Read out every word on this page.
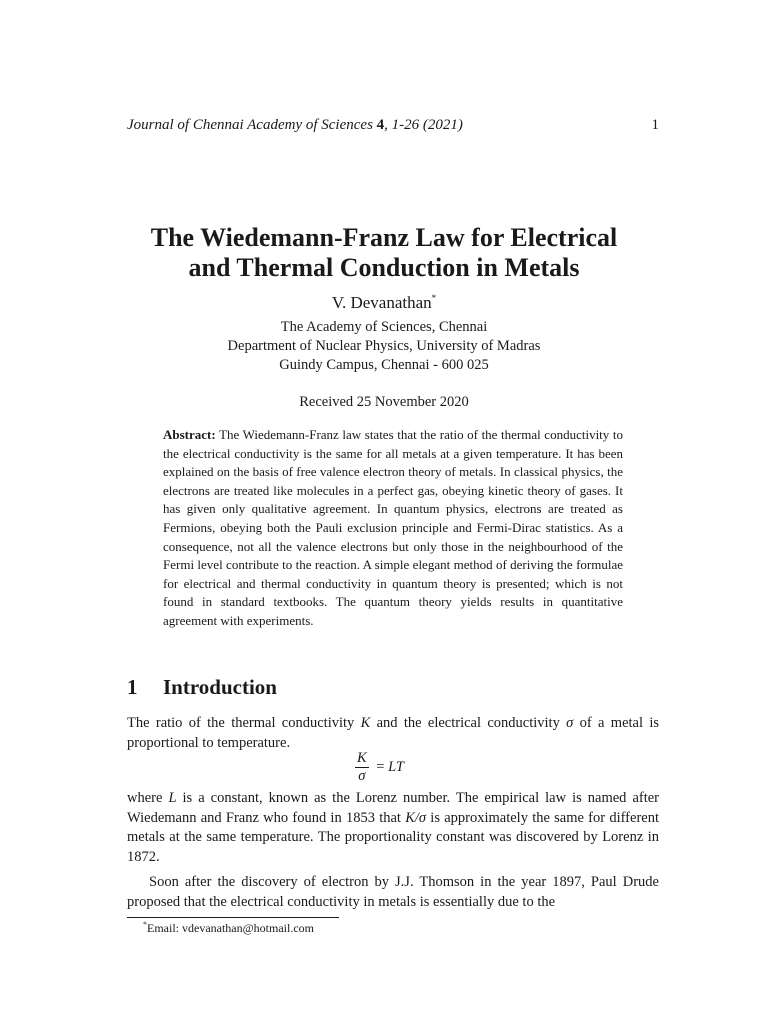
Journal of Chennai Academy of Sciences 4, 1-26 (2021)	1
The Wiedemann-Franz Law for Electrical
and Thermal Conduction in Metals
V. Devanathan*
The Academy of Sciences, Chennai
Department of Nuclear Physics, University of Madras
Guindy Campus, Chennai - 600 025
Received 25 November 2020
Abstract: The Wiedemann-Franz law states that the ratio of the thermal conductivity to the electrical conductivity is the same for all metals at a given temperature. It has been explained on the basis of free valence electron theory of metals. In classical physics, the electrons are treated like molecules in a perfect gas, obeying kinetic theory of gases. It has given only qualitative agreement. In quantum physics, electrons are treated as Fermions, obeying both the Pauli exclusion principle and Fermi-Dirac statistics. As a consequence, not all the valence electrons but only those in the neighbourhood of the Fermi level contribute to the reaction. A simple elegant method of deriving the formulae for electrical and thermal conductivity in quantum theory is presented; which is not found in standard textbooks. The quantum theory yields results in quantitative agreement with experiments.
1 Introduction
The ratio of the thermal conductivity K and the electrical conductivity σ of a metal is proportional to temperature.
$\frac{K}{\sigma}$ = LT
where L is a constant, known as the Lorenz number. The empirical law is named after Wiedemann and Franz who found in 1853 that K/σ is approximately the same for different metals at the same temperature. The proportionality constant was discovered by Lorenz in 1872.
Soon after the discovery of electron by J.J. Thomson in the year 1897, Paul Drude proposed that the electrical conductivity in metals is essentially due to the
*Email: vdevanathan@hotmail.com
